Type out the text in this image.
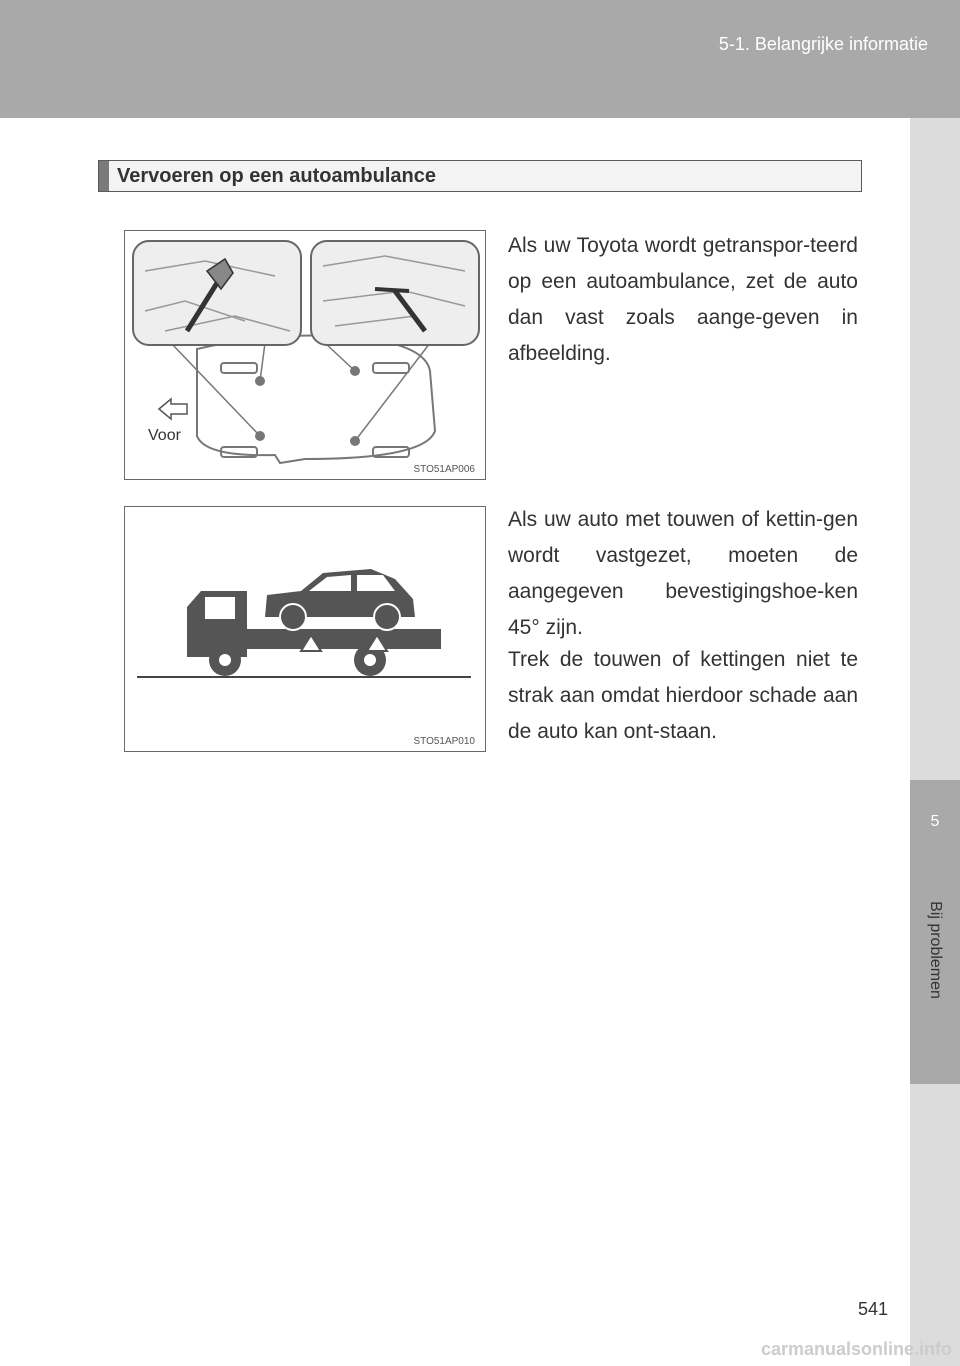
5-1. Belangrijke informatie
5
Bij problemen
Vervoeren op een autoambulance
Voor
STO51AP006
STO51AP010

Als uw Toyota wordt getranspor-teerd op een autoambulance, zet de auto dan vast zoals aange-geven in afbeelding.

Als uw auto met touwen of kettin-gen wordt vastgezet, moeten de aangegeven bevestigingshoe-ken 45° zijn.

Trek de touwen of kettingen niet te strak aan omdat hierdoor schade aan de auto kan ont-staan.

541
carmanualsonline.info
